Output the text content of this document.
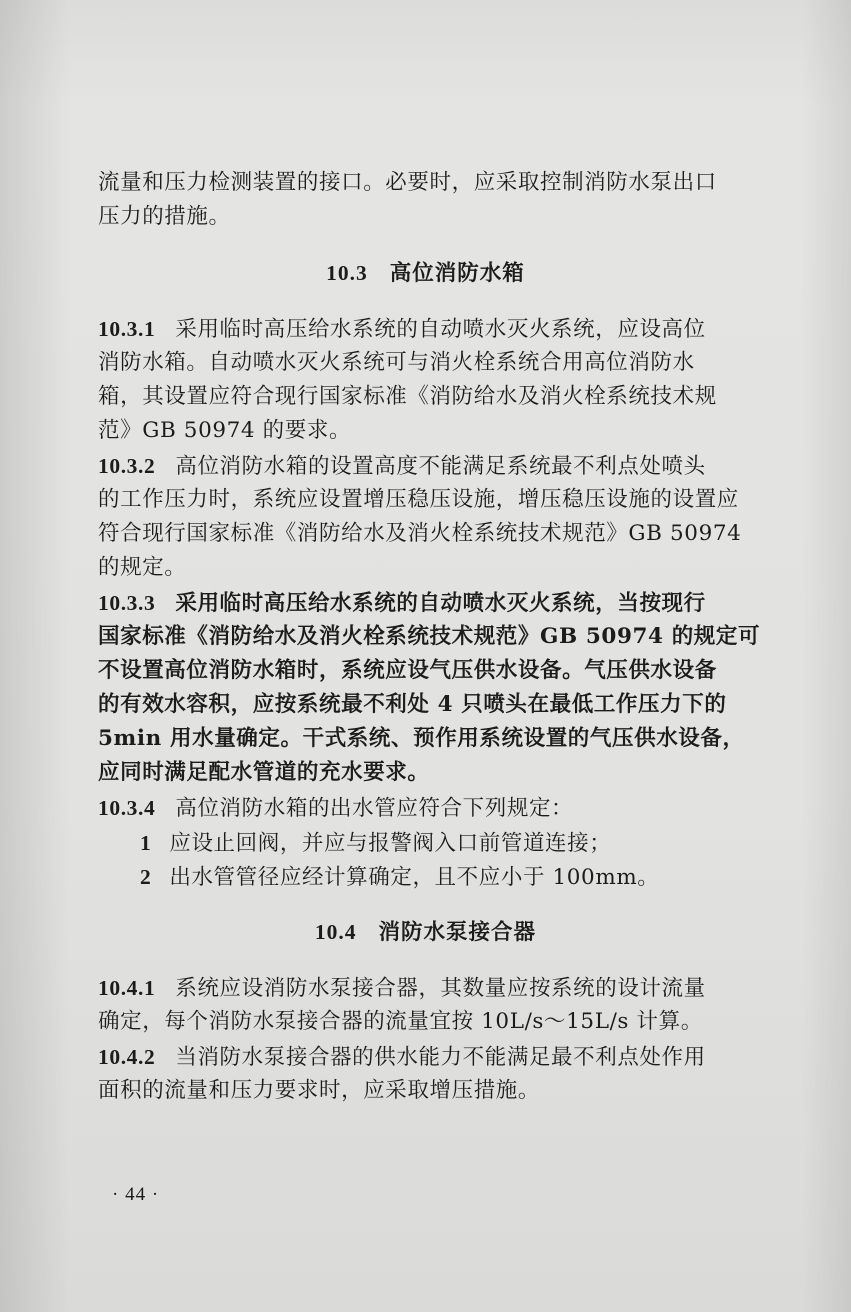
流量和压力检测装置的接口。必要时，应采取控制消防水泵出口
压力的措施。
10.3 高位消防水箱
10.3.1 采用临时高压给水系统的自动喷水灭火系统，应设高位
消防水箱。自动喷水灭火系统可与消火栓系统合用高位消防水
箱，其设置应符合现行国家标准《消防给水及消火栓系统技术规
范》GB 50974 的要求。
10.3.2 高位消防水箱的设置高度不能满足系统最不利点处喷头
的工作压力时，系统应设置增压稳压设施，增压稳压设施的设置应
符合现行国家标准《消防给水及消火栓系统技术规范》GB 50974
的规定。
10.3.3 采用临时高压给水系统的自动喷水灭火系统，当按现行
国家标准《消防给水及消火栓系统技术规范》GB 50974 的规定可
不设置高位消防水箱时，系统应设气压供水设备。气压供水设备
的有效水容积，应按系统最不利处 4 只喷头在最低工作压力下的
5min 用水量确定。干式系统、预作用系统设置的气压供水设备，
应同时满足配水管道的充水要求。
10.3.4 高位消防水箱的出水管应符合下列规定：
1 应设止回阀，并应与报警阀入口前管道连接；
2 出水管管径应经计算确定，且不应小于 100mm。
10.4 消防水泵接合器
10.4.1 系统应设消防水泵接合器，其数量应按系统的设计流量
确定，每个消防水泵接合器的流量宜按 10L/s～15L/s 计算。
10.4.2 当消防水泵接合器的供水能力不能满足最不利点处作用
面积的流量和压力要求时，应采取增压措施。
· 44 ·
